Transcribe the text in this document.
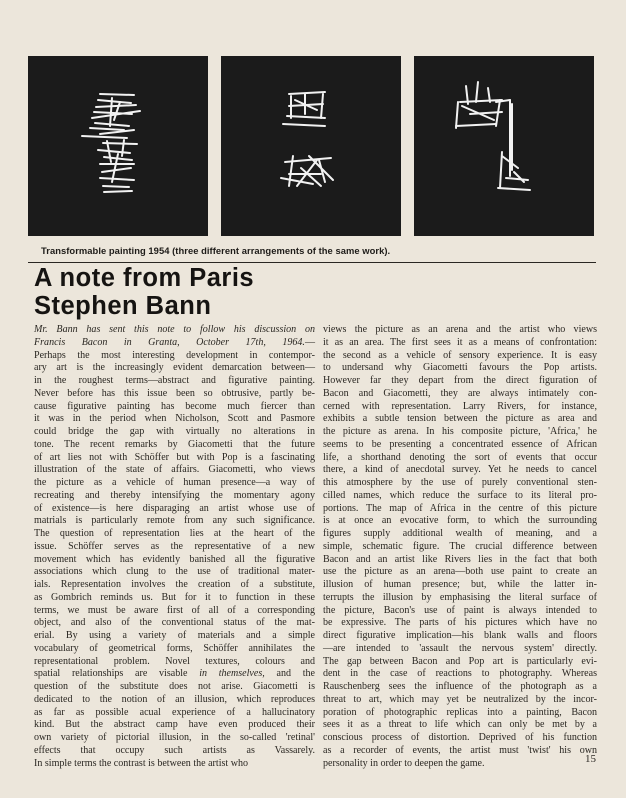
Transformable painting 1954 (three different arrangements of the same work).
A note from Paris
Stephen Bann

Mr. Bann has sent this note to follow his discussion on

Francis Bacon in Granta, October 17th, 1964.—

Perhaps the most interesting development in contempor-

ary art is the increasingly evident demarcation between—

in the roughest terms—abstract and figurative painting.

Never before has this issue been so obtrusive, partly be-

cause figurative painting has become much fiercer than

it was in the period when Nicholson, Scott and Pasmore

could bridge the gap with virtually no alterations in

tone. The recent remarks by Giacometti that the future

of art lies not with Schöffer but with Pop is a fascinating

illustration of the state of affairs. Giacometti, who views

the picture as a vehicle of human presence—a way of

recreating and thereby intensifying the momentary agony

of existence—is here disparaging an artist whose use of

matrials is particularly remote from any such significance.

The question of representation lies at the heart of the

issue. Schöffer serves as the representative of a new

movement which has evidently banished all the figurative

associations which clung to the use of traditional mater-

ials. Representation involves the creation of a substitute,

as Gombrich reminds us. But for it to function in these

terms, we must be aware first of all of a corresponding

object, and also of the conventional status of the mat-

erial. By using a variety of materials and a simple

vocabulary of geometrical forms, Schöffer annihilates the

representational problem. Novel textures, colours and

spatial relationships are visable in themselves, and the

question of the substitute does not arise. Giacometti is

dedicated to the notion of an illusion, which reproduces

as far as possible acual experience of a hallucinatory

kind. But the abstract camp have even produced their

own variety of pictorial illusion, in the so-called 'retinal'

effects that occupy such artists as Vassarely.

In simple terms the contrast is between the artist who

views the picture as an arena and the artist who views

it as an area. The first sees it as a means of confrontation:

the second as a vehicle of sensory experience. It is easy

to undersand why Giacometti favours the Pop artists.

However far they depart from the direct figuration of

Bacon and Giacometti, they are always intimately con-

cerned with representation. Larry Rivers, for instance,

exhibits a subtle tension between the picture as area and

the picture as arena. In his composite picture, 'Africa,' he

seems to be presenting a concentrated essence of African

life, a shorthand denoting the sort of events that occur

there, a kind of anecdotal survey. Yet he needs to cancel

this atmosphere by the use of purely conventional sten-

cilled names, which reduce the surface to its literal pro-

portions. The map of Africa in the centre of this picture

is at once an evocative form, to which the surrounding

figures supply additional wealth of meaning, and a

simple, schematic figure. The crucial difference between

Bacon and an artist like Rivers lies in the fact that both

use the picture as an arena—both use paint to create an

illusion of human presence; but, while the latter in-

terrupts the illusion by emphasising the literal surface of

the picture, Bacon's use of paint is always intended to

be expressive. The parts of his pictures which have no

direct figurative implication—his blank walls and floors

—are intended to 'assault the nervous system' directly.

The gap between Bacon and Pop art is particularly evi-

dent in the case of reactions to photography. Whereas

Rauschenberg sees the influence of the photograph as a

threat to art, which may yet be neutralized by the incor-

poration of photographic replicas into a painting, Bacon

sees it as a threat to life which can only be met by a

conscious process of distortion. Deprived of his function

as a recorder of events, the artist must 'twist' his own

personality in order to deepen the game.	15
